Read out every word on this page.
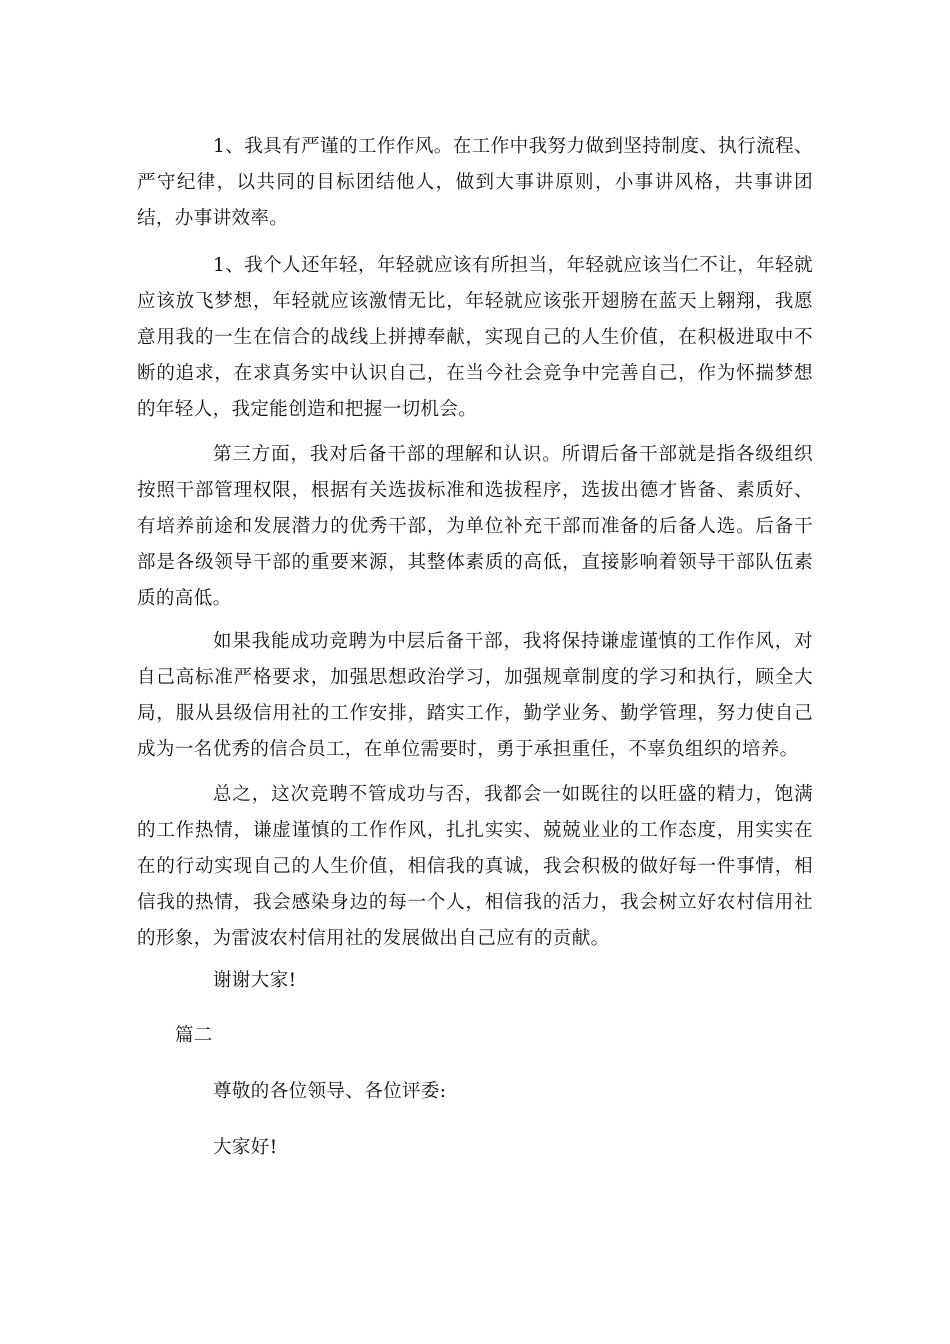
1、我具有严谨的工作作风。在工作中我努力做到坚持制度、执行流程、严守纪律，以共同的目标团结他人，做到大事讲原则，小事讲风格，共事讲团结，办事讲效率。

1、我个人还年轻，年轻就应该有所担当，年轻就应该当仁不让，年轻就应该放飞梦想，年轻就应该激情无比，年轻就应该张开翅膀在蓝天上翱翔，我愿意用我的一生在信合的战线上拼搏奉献，实现自己的人生价值，在积极进取中不断的追求，在求真务实中认识自己，在当今社会竞争中完善自己，作为怀揣梦想的年轻人，我定能创造和把握一切机会。

第三方面，我对后备干部的理解和认识。所谓后备干部就是指各级组织按照干部管理权限，根据有关选拔标准和选拔程序，选拔出德才皆备、素质好、有培养前途和发展潜力的优秀干部，为单位补充干部而准备的后备人选。后备干部是各级领导干部的重要来源，其整体素质的高低，直接影响着领导干部队伍素质的高低。

如果我能成功竞聘为中层后备干部，我将保持谦虚谨慎的工作作风，对自己高标准严格要求，加强思想政治学习，加强规章制度的学习和执行，顾全大局，服从县级信用社的工作安排，踏实工作，勤学业务、勤学管理，努力使自己成为一名优秀的信合员工，在单位需要时，勇于承担重任，不辜负组织的培养。

总之，这次竞聘不管成功与否，我都会一如既往的以旺盛的精力，饱满的工作热情，谦虚谨慎的工作作风，扎扎实实、兢兢业业的工作态度，用实实在在的行动实现自己的人生价值，相信我的真诚，我会积极的做好每一件事情，相信我的热情，我会感染身边的每一个人，相信我的活力，我会树立好农村信用社的形象，为雷波农村信用社的发展做出自己应有的贡献。

谢谢大家!

篇二

尊敬的各位领导、各位评委:

大家好!
